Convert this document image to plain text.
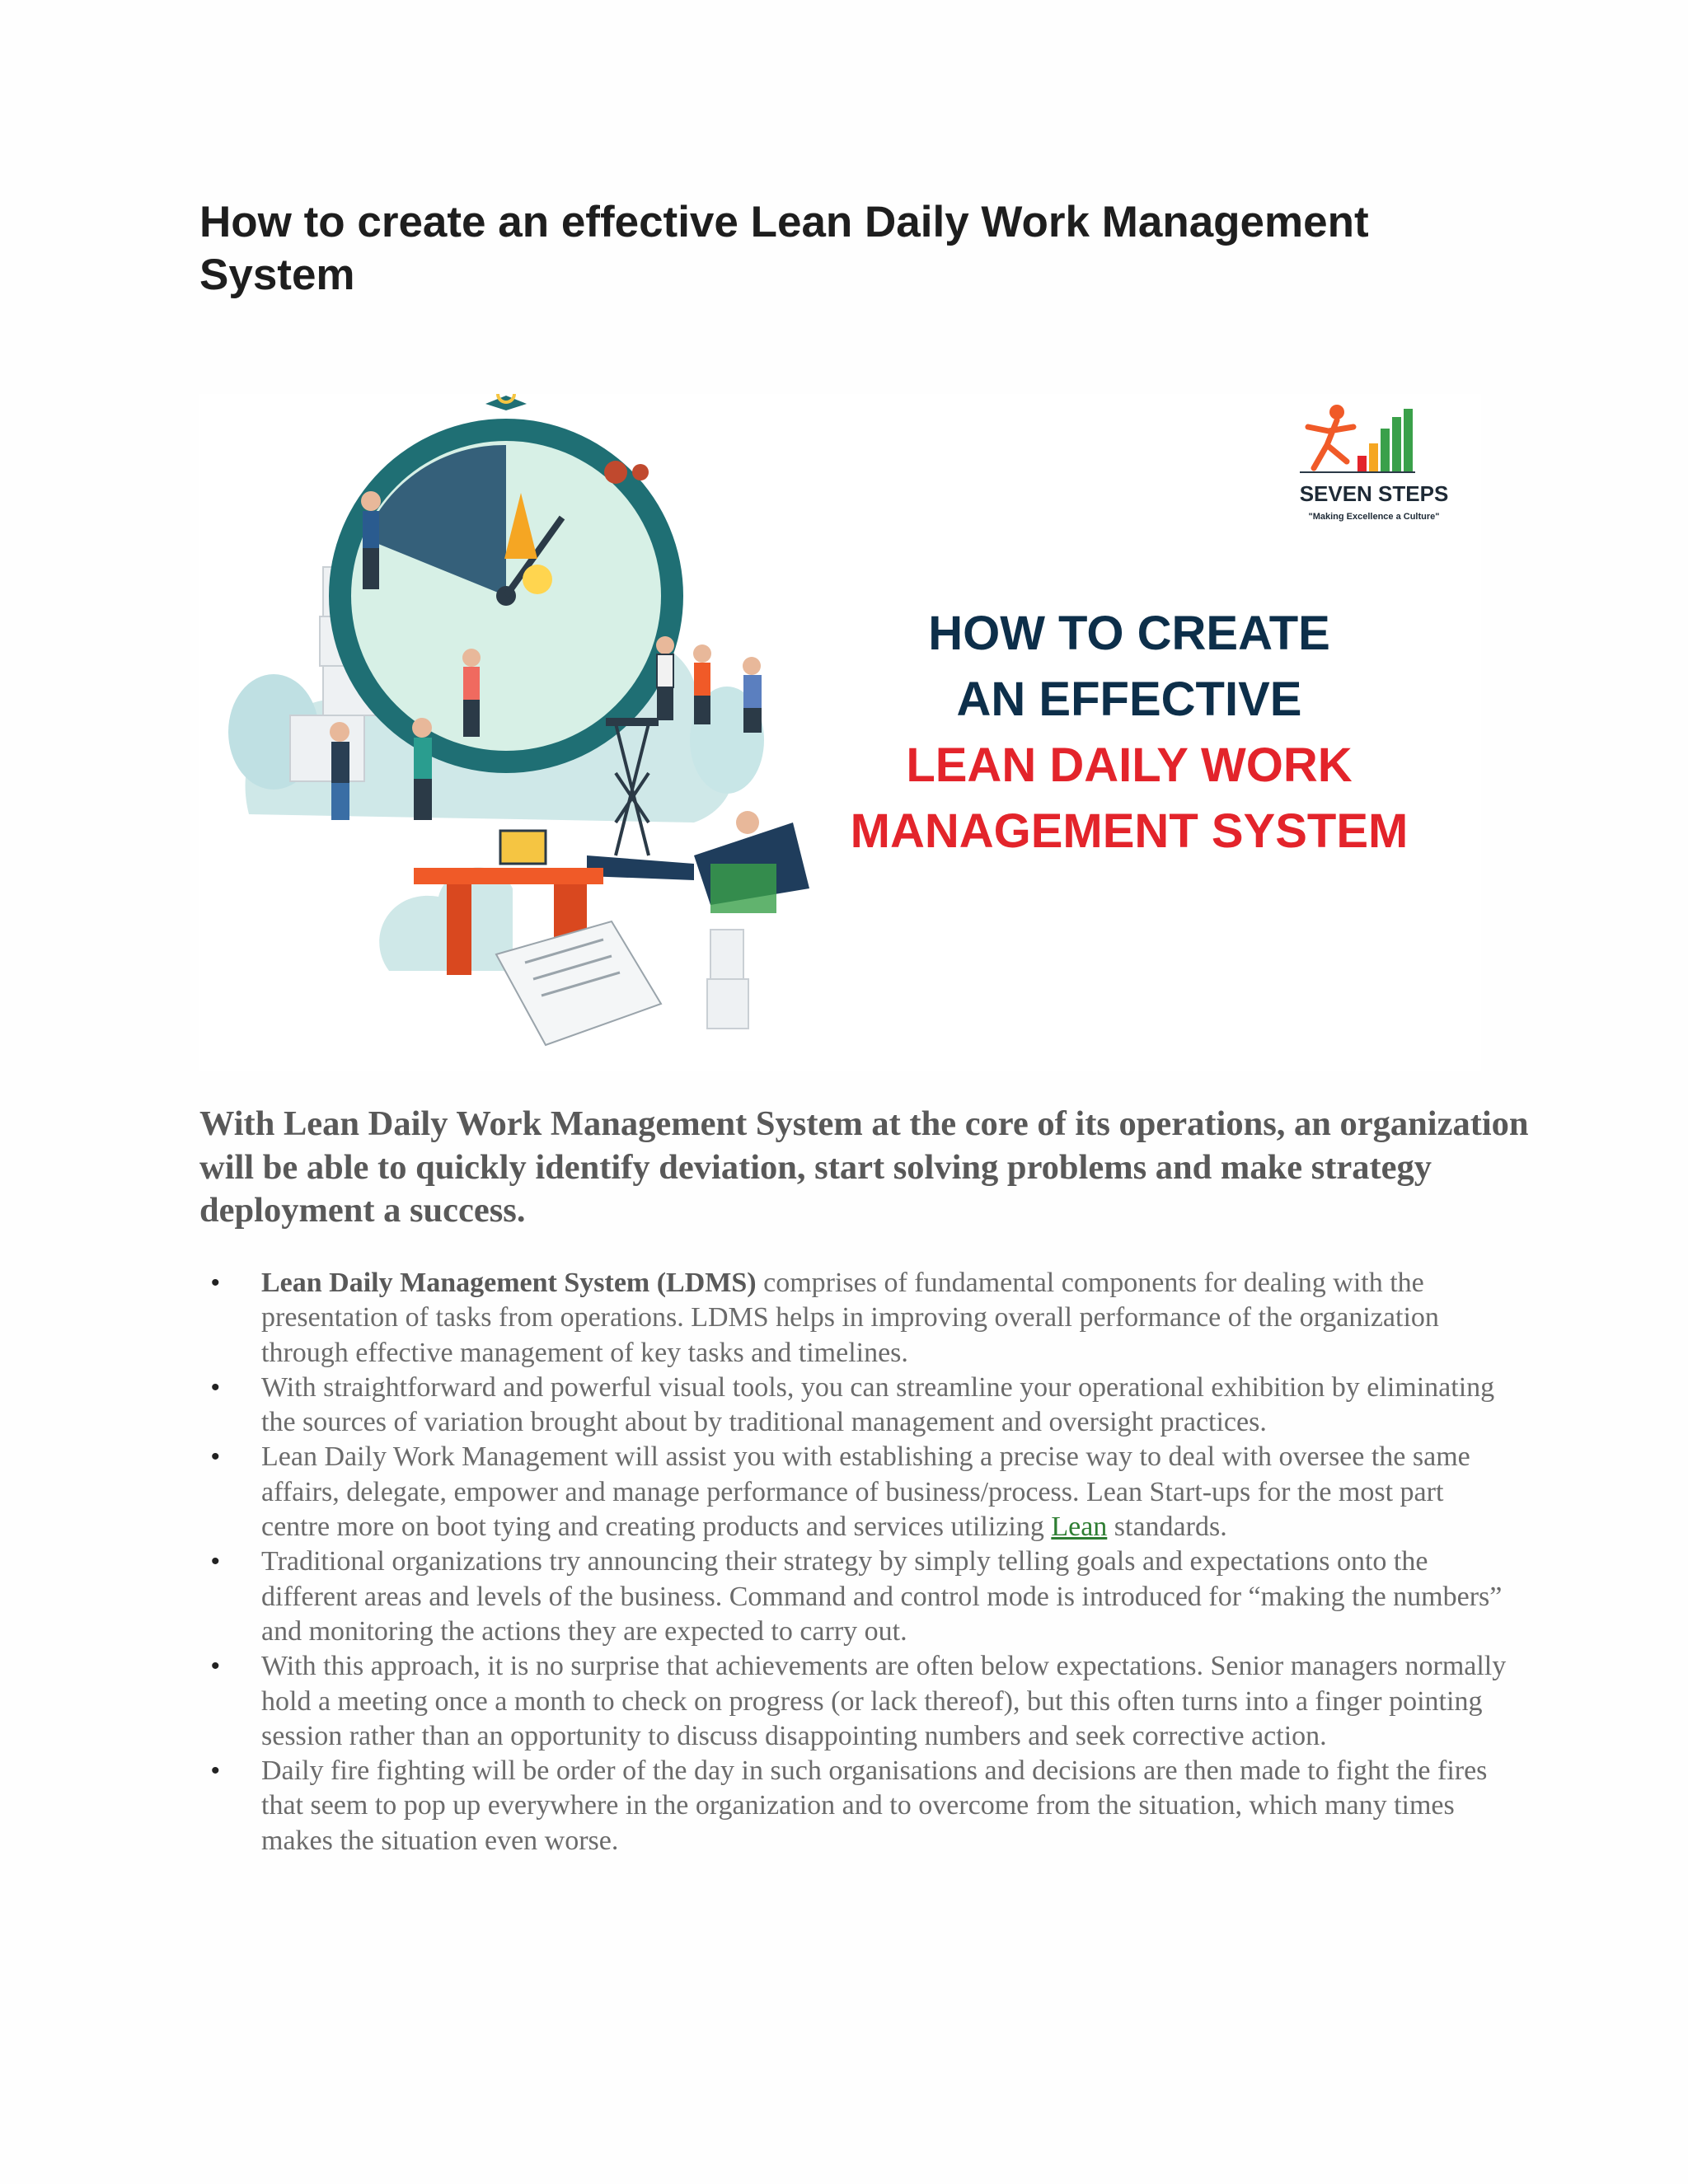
How to create an effective Lean Daily Work Management System
SEVEN STEPS
"Making Excellence a Culture"
HOW TO CREATE
AN EFFECTIVE
LEAN DAILY WORK
MANAGEMENT SYSTEM

With Lean Daily Work Management System at the core of its operations, an organization will be able to quickly identify deviation, start solving problems and make strategy deployment a success.

• Lean Daily Management System (LDMS) comprises of fundamental components for dealing with the presentation of tasks from operations. LDMS helps in improving overall performance of the organization through effective management of key tasks and timelines.
• With straightforward and powerful visual tools, you can streamline your operational exhibition by eliminating the sources of variation brought about by traditional management and oversight practices.
• Lean Daily Work Management will assist you with establishing a precise way to deal with oversee the same affairs, delegate, empower and manage performance of business/process. Lean Start-ups for the most part centre more on boot tying and creating products and services utilizing Lean standards.
• Traditional organizations try announcing their strategy by simply telling goals and expectations onto the different areas and levels of the business. Command and control mode is introduced for “making the numbers” and monitoring the actions they are expected to carry out.
• With this approach, it is no surprise that achievements are often below expectations. Senior managers normally hold a meeting once a month to check on progress (or lack thereof), but this often turns into a finger pointing session rather than an opportunity to discuss disappointing numbers and seek corrective action.
• Daily fire fighting will be order of the day in such organisations and decisions are then made to fight the fires that seem to pop up everywhere in the organization and to overcome from the situation, which many times makes the situation even worse.
